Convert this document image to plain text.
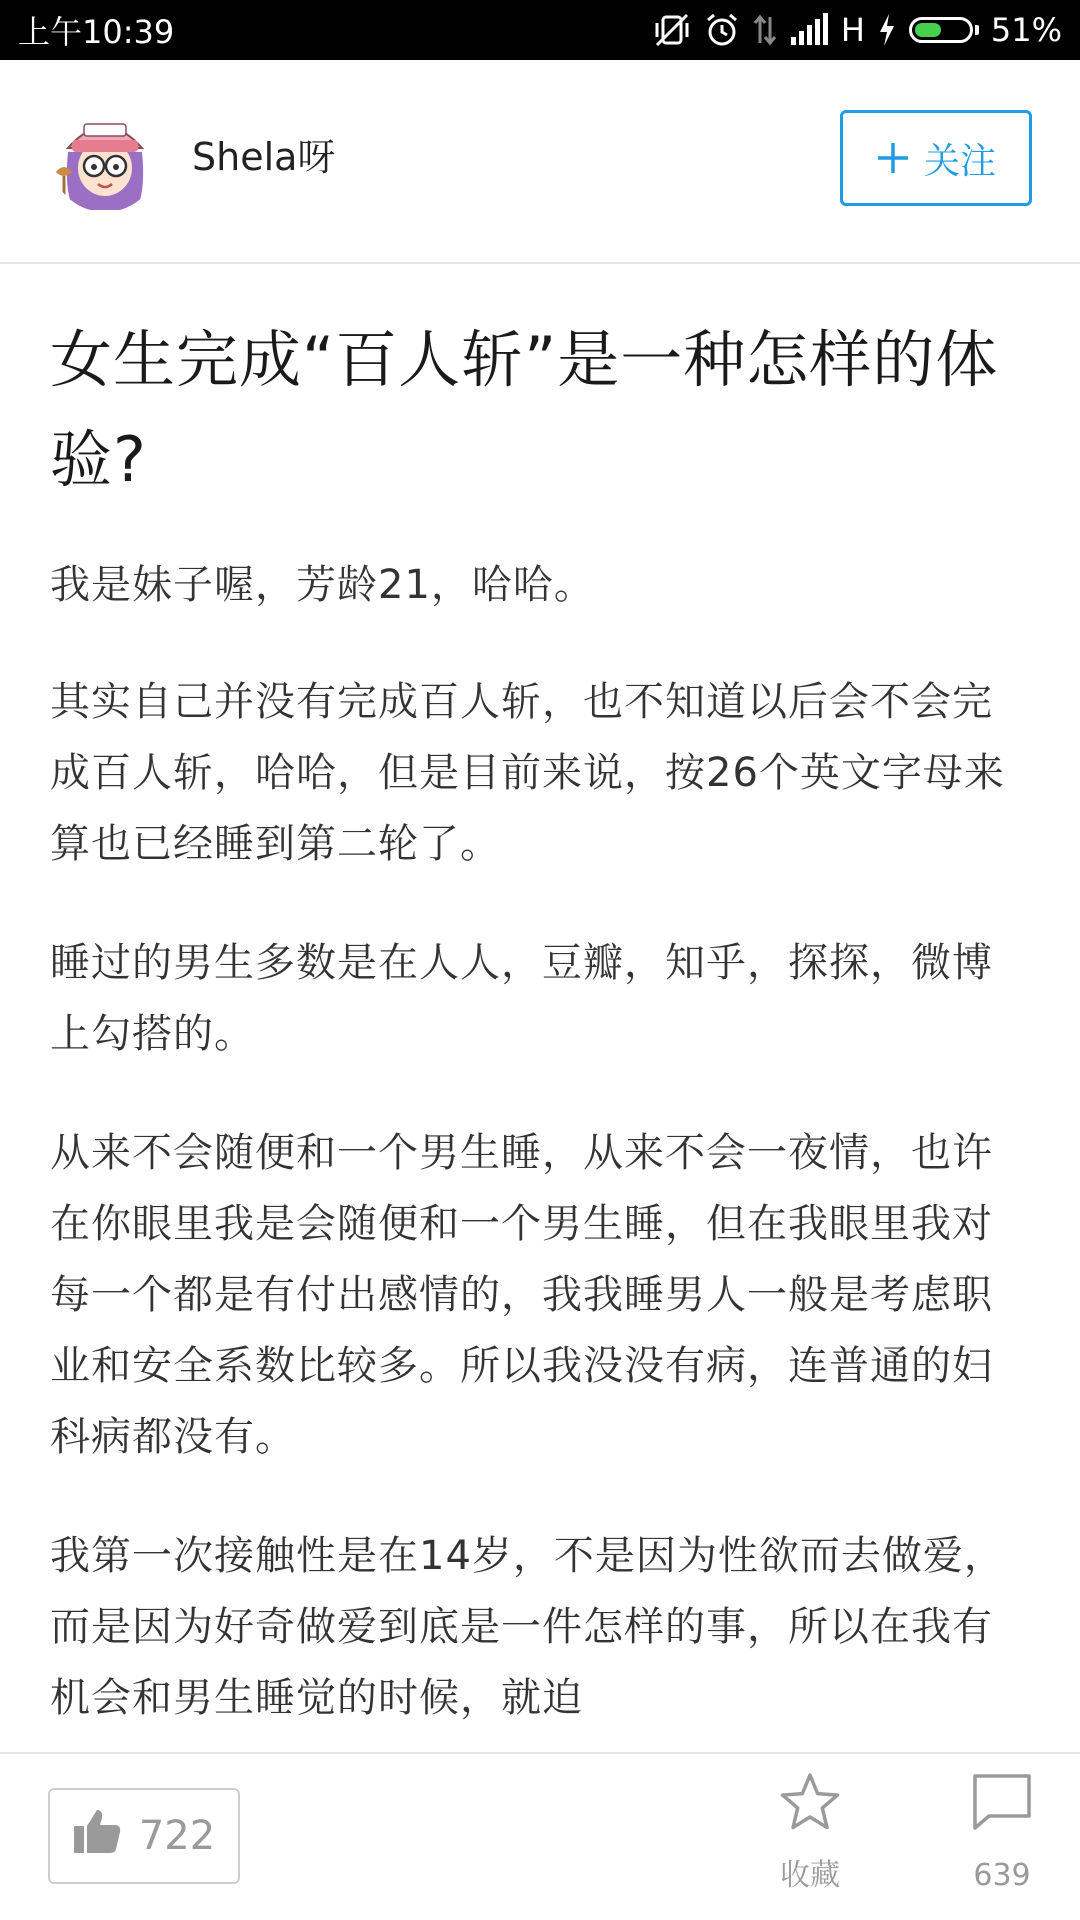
上午10:39	H	51%
Shela呀	关注
女生完成“百人斩”是一种怎样的体验?

我是妹子喔，芳龄21，哈哈。

其实自己并没有完成百人斩，也不知道以后会不会完成百人斩，哈哈，但是目前来说，按26个英文字母来算也已经睡到第二轮了。

睡过的男生多数是在人人，豆瓣，知乎，探探，微博上勾搭的。

从来不会随便和一个男生睡，从来不会一夜情，也许在你眼里我是会随便和一个男生睡，但在我眼里我对每一个都是有付出感情的，我我睡男人一般是考虑职业和安全系数比较多。所以我没没有病，连普通的妇科病都没有。

我第一次接触性是在14岁，不是因为性欲而去做爱，而是因为好奇做爱到底是一件怎样的事，所以在我有机会和男生睡觉的时候，就迫

722
收藏	639
